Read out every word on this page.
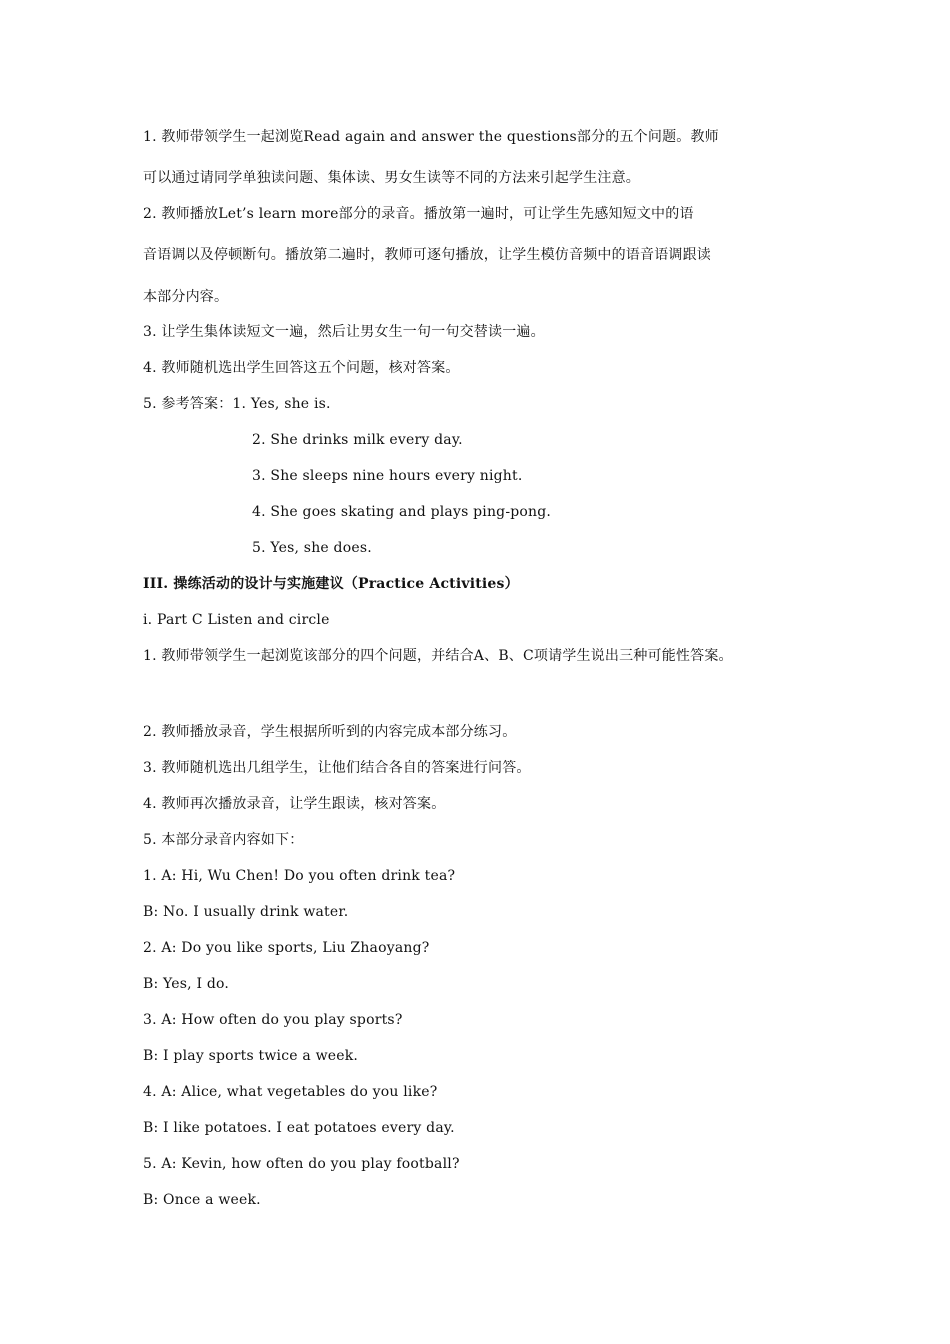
1. 教师带领学生一起浏览Read again and answer the questions部分的五个问题。教师
可以通过请同学单独读问题、集体读、男女生读等不同的方法来引起学生注意。
2. 教师播放Let’s learn more部分的录音。播放第一遍时，可让学生先感知短文中的语
音语调以及停顿断句。播放第二遍时，教师可逐句播放，让学生模仿音频中的语音语调跟读
本部分内容。
3. 让学生集体读短文一遍，然后让男女生一句一句交替读一遍。
4. 教师随机选出学生回答这五个问题，核对答案。
5. 参考答案：1. Yes, she is.
2. She drinks milk every day.
3. She sleeps nine hours every night.
4. She goes skating and plays ping-pong.
5. Yes, she does.
III. 操练活动的设计与实施建议（Practice Activities）
i. Part C Listen and circle
1. 教师带领学生一起浏览该部分的四个问题，并结合A、B、C项请学生说出三种可能性答案。
2. 教师播放录音，学生根据所听到的内容完成本部分练习。
3. 教师随机选出几组学生，让他们结合各自的答案进行问答。
4. 教师再次播放录音，让学生跟读，核对答案。
5. 本部分录音内容如下：
1. A: Hi, Wu Chen! Do you often drink tea?
B: No. I usually drink water.
2. A: Do you like sports, Liu Zhaoyang?
B: Yes, I do.
3. A: How often do you play sports?
B: I play sports twice a week.
4. A: Alice, what vegetables do you like?
B: I like potatoes. I eat potatoes every day.
5. A: Kevin, how often do you play football?
B: Once a week.
